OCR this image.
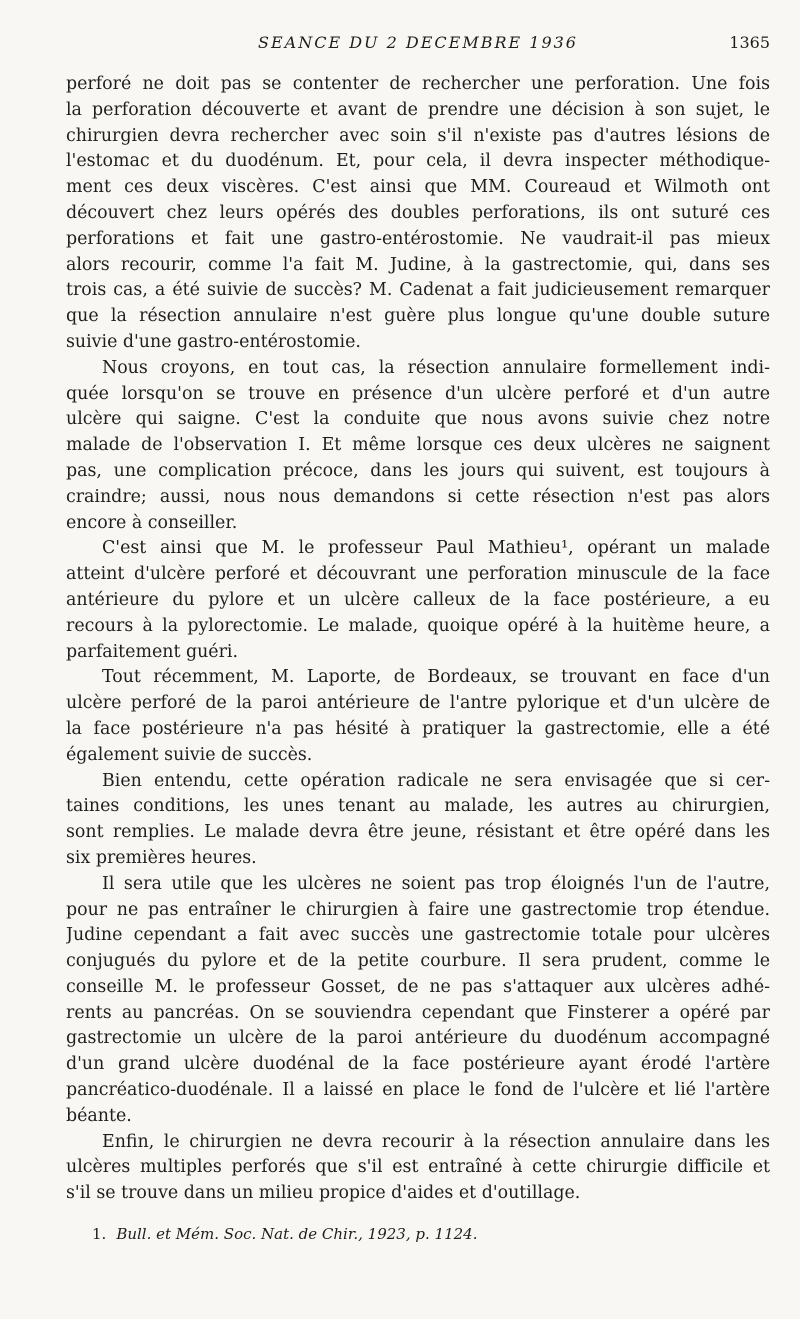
SEANCE DU 2 DECEMBRE 1936	1365
perforé ne doit pas se contenter de rechercher une perforation. Une fois
la perforation découverte et avant de prendre une décision à son sujet, le
chirurgien devra rechercher avec soin s'il n'existe pas d'autres lésions de
l'estomac et du duodénum. Et, pour cela, il devra inspecter méthodique-
ment ces deux viscères. C'est ainsi que MM. Coureaud et Wilmoth ont
découvert chez leurs opérés des doubles perforations, ils ont suturé ces
perforations et fait une gastro-entérostomie. Ne vaudrait-il pas mieux
alors recourir, comme l'a fait M. Judine, à la gastrectomie, qui, dans ses
trois cas, a été suivie de succès? M. Cadenat a fait judicieusement remarquer
que la résection annulaire n'est guère plus longue qu'une double suture
suivie d'une gastro-entérostomie.
Nous croyons, en tout cas, la résection annulaire formellement indi-
quée lorsqu'on se trouve en présence d'un ulcère perforé et d'un autre
ulcère qui saigne. C'est la conduite que nous avons suivie chez notre
malade de l'observation I. Et même lorsque ces deux ulcères ne saignent
pas, une complication précoce, dans les jours qui suivent, est toujours à
craindre; aussi, nous nous demandons si cette résection n'est pas alors
encore à conseiller.
C'est ainsi que M. le professeur Paul Mathieu¹, opérant un malade
atteint d'ulcère perforé et découvrant une perforation minuscule de la face
antérieure du pylore et un ulcère calleux de la face postérieure, a eu
recours à la pylorectomie. Le malade, quoique opéré à la huitème heure, a
parfaitement guéri.
Tout récemment, M. Laporte, de Bordeaux, se trouvant en face d'un
ulcère perforé de la paroi antérieure de l'antre pylorique et d'un ulcère de
la face postérieure n'a pas hésité à pratiquer la gastrectomie, elle a été
également suivie de succès.
Bien entendu, cette opération radicale ne sera envisagée que si cer-
taines conditions, les unes tenant au malade, les autres au chirurgien,
sont remplies. Le malade devra être jeune, résistant et être opéré dans les
six premières heures.
Il sera utile que les ulcères ne soient pas trop éloignés l'un de l'autre,
pour ne pas entraîner le chirurgien à faire une gastrectomie trop étendue.
Judine cependant a fait avec succès une gastrectomie totale pour ulcères
conjugués du pylore et de la petite courbure. Il sera prudent, comme le
conseille M. le professeur Gosset, de ne pas s'attaquer aux ulcères adhé-
rents au pancréas. On se souviendra cependant que Finsterer a opéré par
gastrectomie un ulcère de la paroi antérieure du duodénum accompagné
d'un grand ulcère duodénal de la face postérieure ayant érodé l'artère
pancréatico-duodénale. Il a laissé en place le fond de l'ulcère et lié l'artère
béante.
Enfin, le chirurgien ne devra recourir à la résection annulaire dans les
ulcères multiples perforés que s'il est entraîné à cette chirurgie difficile et
s'il se trouve dans un milieu propice d'aides et d'outillage.
1. Bull. et Mém. Soc. Nat. de Chir., 1923, p. 1124.
